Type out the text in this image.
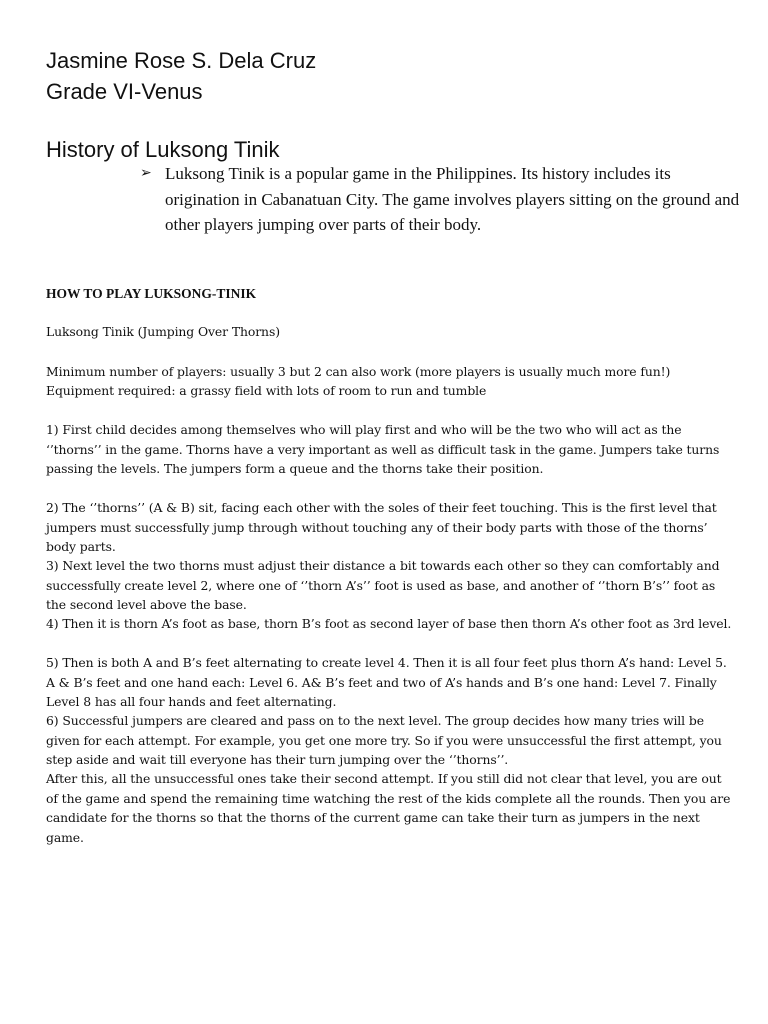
Jasmine Rose S. Dela Cruz
Grade VI-Venus
History of Luksong Tinik
➢ Luksong Tinik is a popular game in the Philippines. Its history includes its origination in Cabanatuan City. The game involves players sitting on the ground and other players jumping over parts of their body.
HOW TO PLAY LUKSONG-TINIK

Luksong Tinik (Jumping Over Thorns)

Minimum number of players: usually 3 but 2 can also work (more players is usually much more fun!)

Equipment required: a grassy field with lots of room to run and tumble

1) First child decides among themselves who will play first and who will be the two who will act as the ‘’thorns’’ in the game. Thorns have a very important as well as difficult task in the game. Jumpers take turns passing the levels. The jumpers form a queue and the thorns take their position.

2) The ‘’thorns’’ (A & B) sit, facing each other with the soles of their feet touching. This is the first level that jumpers must successfully jump through without touching any of their body parts with those of the thorns’ body parts.

3) Next level the two thorns must adjust their distance a bit towards each other so they can comfortably and successfully create level 2, where one of ‘’thorn A’s’’ foot is used as base, and another of ‘’thorn B’s’’ foot as the second level above the base.

4) Then it is thorn A’s foot as base, thorn B’s foot as second layer of base then thorn A’s other foot as 3rd level.

5) Then is both A and B’s feet alternating to create level 4. Then it is all four feet plus thorn A’s hand: Level 5. A & B’s feet and one hand each: Level 6. A& B’s feet and two of A’s hands and B’s one hand: Level 7. Finally Level 8 has all four hands and feet alternating.

6) Successful jumpers are cleared and pass on to the next level. The group decides how many tries will be given for each attempt. For example, you get one more try. So if you were unsuccessful the first attempt, you step aside and wait till everyone has their turn jumping over the ‘’thorns’’.

After this, all the unsuccessful ones take their second attempt. If you still did not clear that level, you are out of the game and spend the remaining time watching the rest of the kids complete all the rounds. Then you are candidate for the thorns so that the thorns of the current game can take their turn as jumpers in the next game.
